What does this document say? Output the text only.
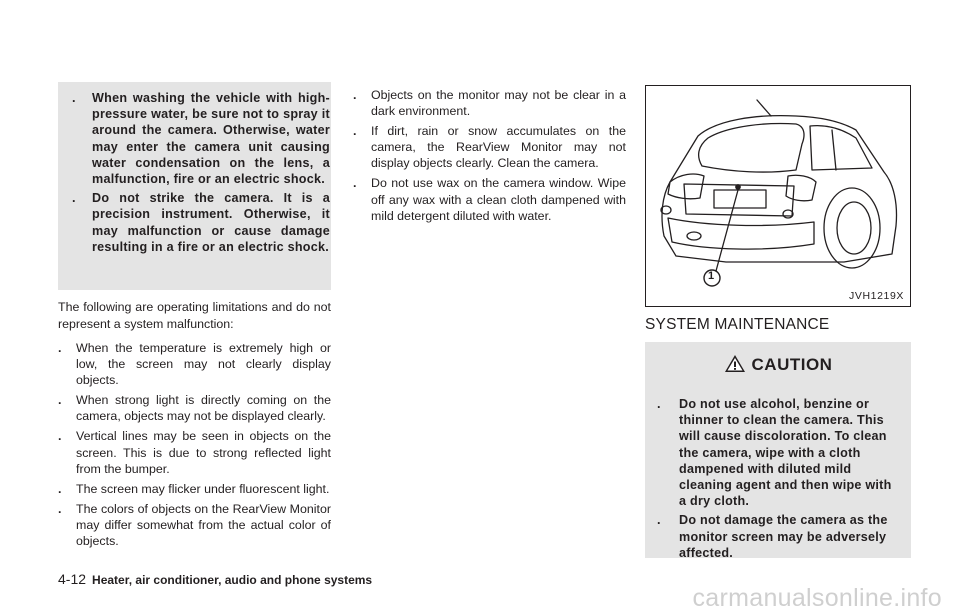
. When washing the vehicle with high-pressure water, be sure not to spray it around the camera. Otherwise, water may enter the camera unit causing water condensation on the lens, a malfunction, fire or an electric shock.
. Do not strike the camera. It is a precision instrument. Otherwise, it may malfunction or cause damage resulting in a fire or an electric shock.

The following are operating limitations and do not represent a system malfunction:

. When the temperature is extremely high or low, the screen may not clearly display objects.
. When strong light is directly coming on the camera, objects may not be displayed clearly.
. Vertical lines may be seen in objects on the screen. This is due to strong reflected light from the bumper.
. The screen may flicker under fluorescent light.
. The colors of objects on the RearView Monitor may differ somewhat from the actual color of objects.
. Objects on the monitor may not be clear in a dark environment.
. If dirt, rain or snow accumulates on the camera, the RearView Monitor may not display objects clearly. Clean the camera.
. Do not use wax on the camera window. Wipe off any wax with a clean cloth dampened with mild detergent diluted with water.
1
JVH1219X
SYSTEM MAINTENANCE
CAUTION
. Do not use alcohol, benzine or thinner to clean the camera. This will cause discoloration. To clean the camera, wipe with a cloth dampened with diluted mild cleaning agent and then wipe with a dry cloth.
. Do not damage the camera as the monitor screen may be adversely affected.
4-12 Heater, air conditioner, audio and phone systems
carmanualsonline.info
